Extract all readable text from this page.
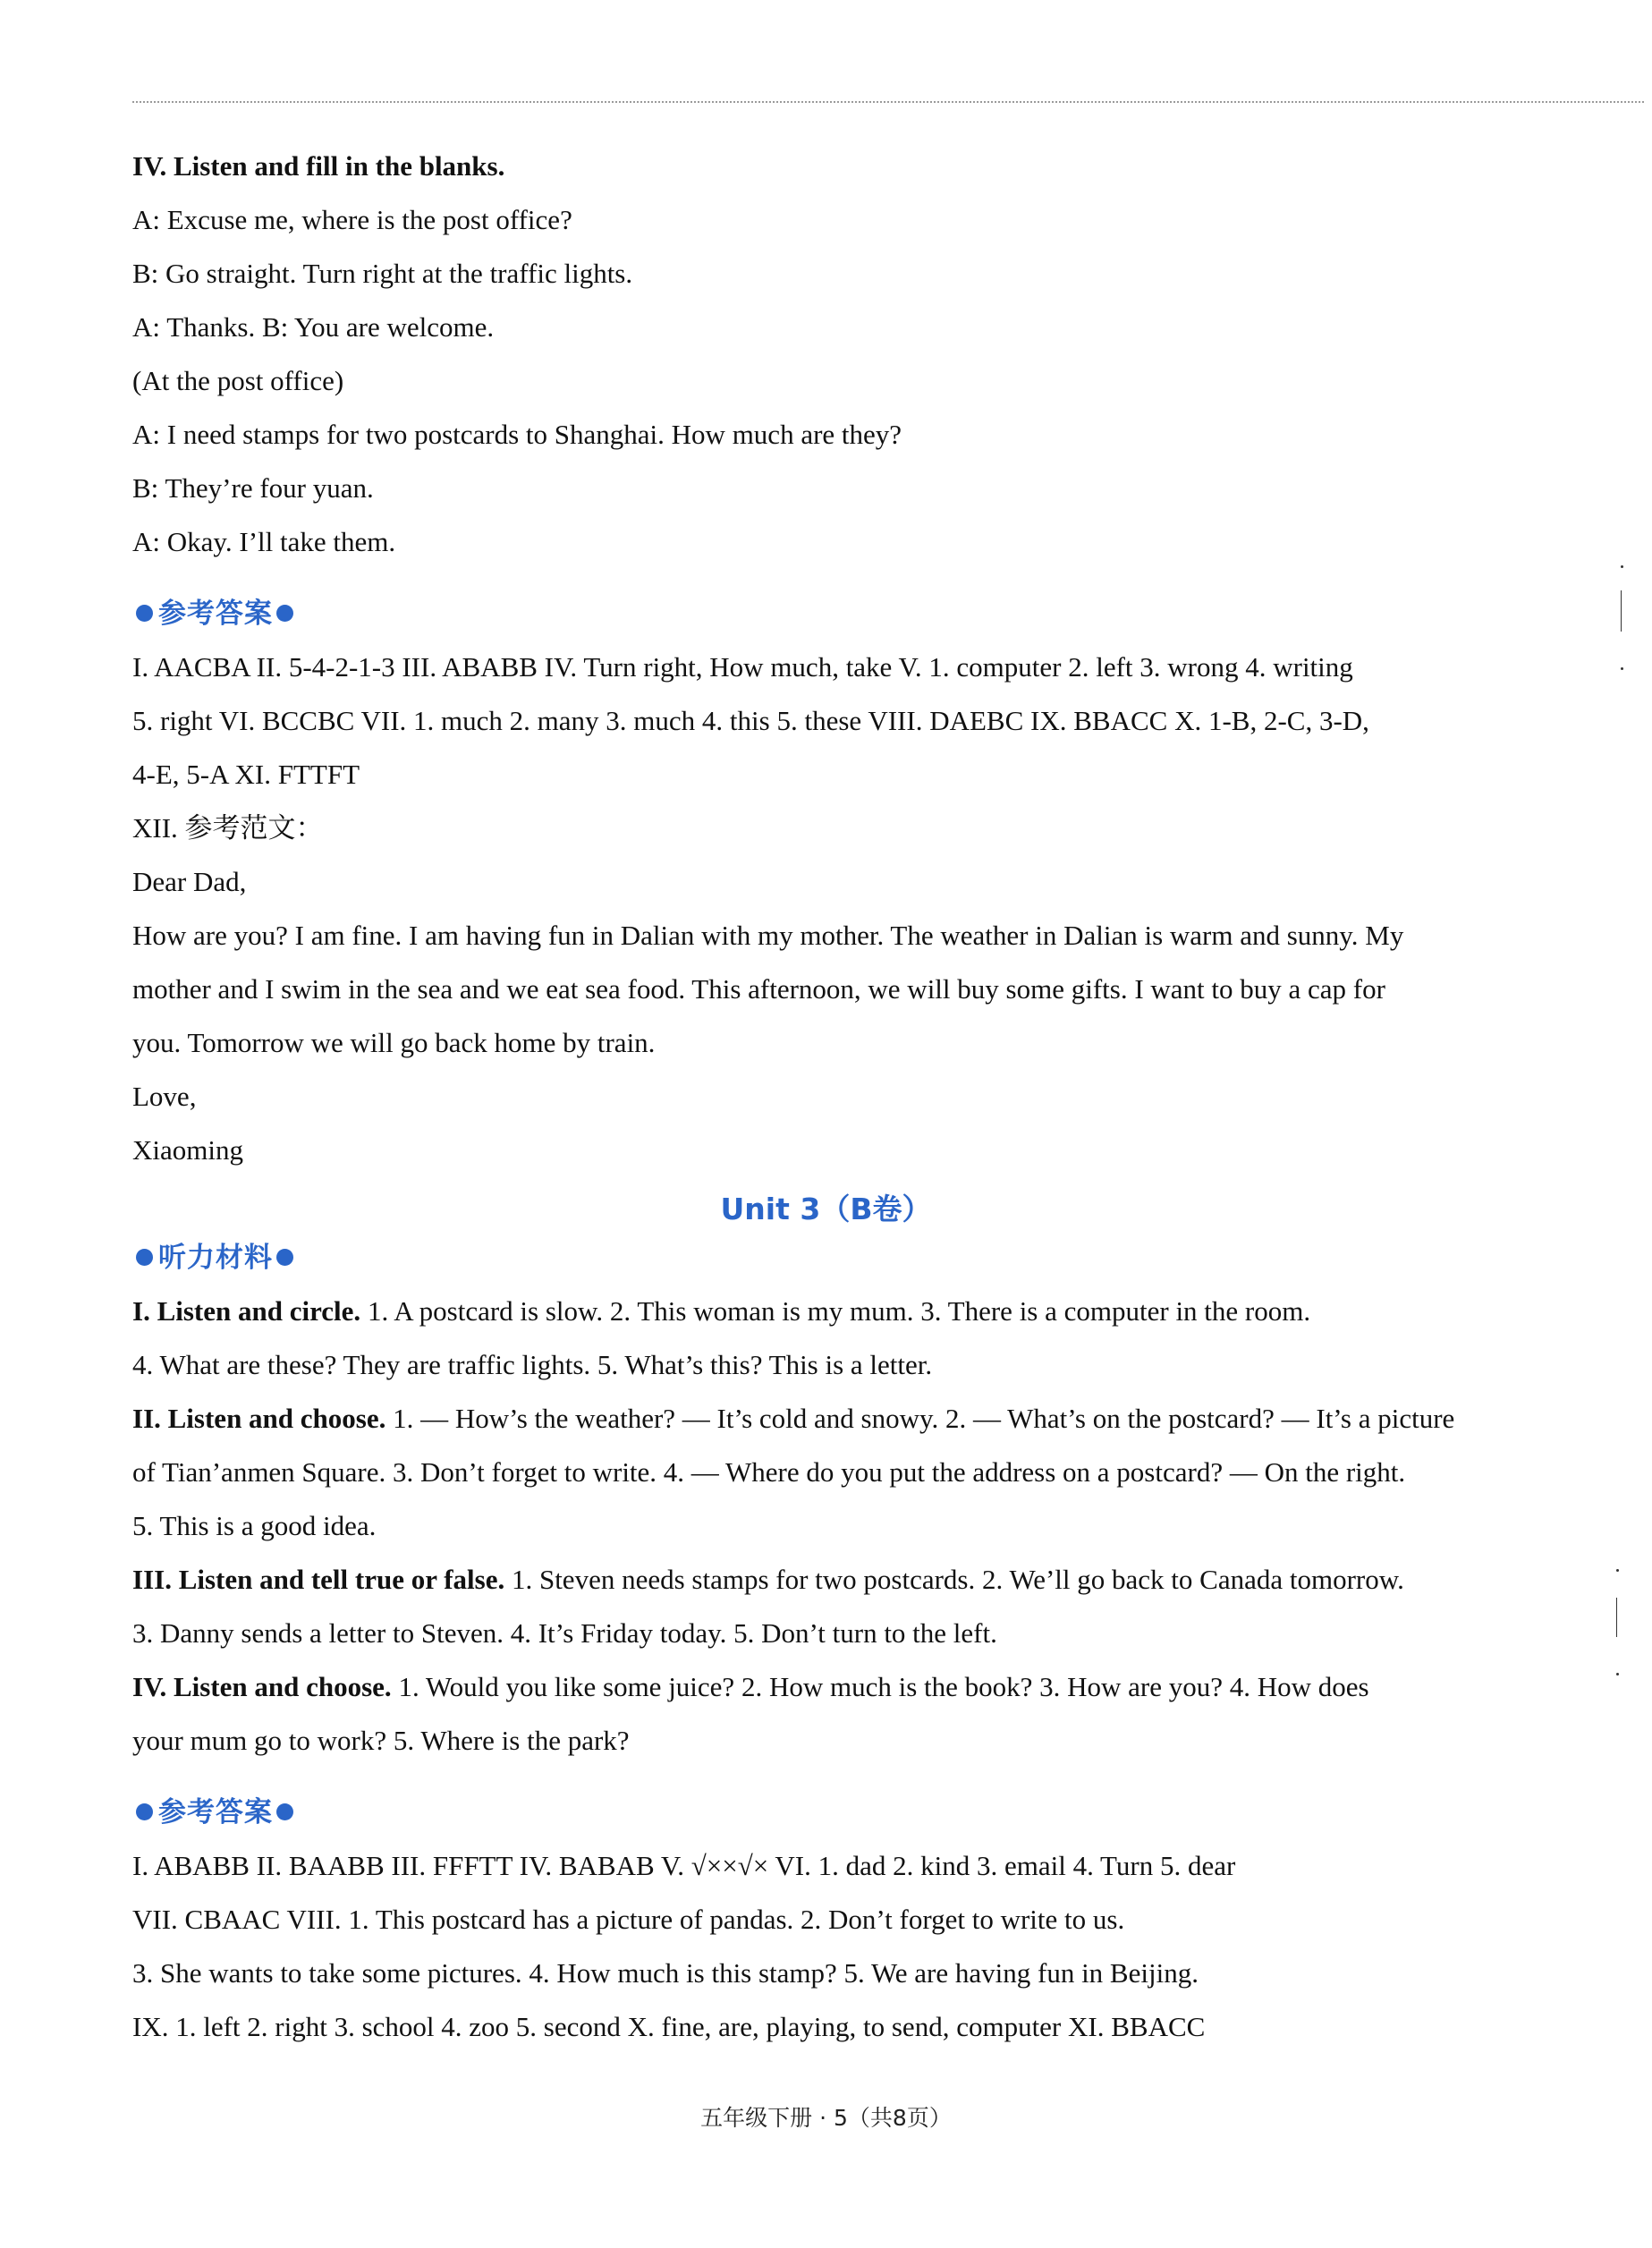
IV. Listen and fill in the blanks.
A: Excuse me, where is the post office?
B: Go straight. Turn right at the traffic lights.
A: Thanks. B: You are welcome.
(At the post office)
A: I need stamps for two postcards to Shanghai. How much are they?
B: They’re four yuan.
A: Okay. I’ll take them.
参考答案
I. AACBA II. 5-4-2-1-3 III. ABABB IV. Turn right, How much, take V. 1. computer 2. left 3. wrong 4. writing
5. right VI. BCCBC VII. 1. much 2. many 3. much 4. this 5. these VIII. DAEBC IX. BBACC X. 1-B, 2-C, 3-D,
4-E, 5-A XI. FTTFT
XII. 参考范文：
Dear Dad,
How are you? I am fine. I am having fun in Dalian with my mother. The weather in Dalian is warm and sunny. My
mother and I swim in the sea and we eat sea food. This afternoon, we will buy some gifts. I want to buy a cap for
you. Tomorrow we will go back home by train.
Love,
Xiaoming
Unit 3（B卷）
听力材料
I. Listen and circle. 1. A postcard is slow. 2. This woman is my mum. 3. There is a computer in the room.
4. What are these? They are traffic lights. 5. What’s this? This is a letter.
II. Listen and choose. 1. — How’s the weather? — It’s cold and snowy. 2. — What’s on the postcard? — It’s a picture
of Tian’anmen Square. 3. Don’t forget to write. 4. — Where do you put the address on a postcard? — On the right.
5. This is a good idea.
III. Listen and tell true or false. 1. Steven needs stamps for two postcards. 2. We’ll go back to Canada tomorrow.
3. Danny sends a letter to Steven. 4. It’s Friday today. 5. Don’t turn to the left.
IV. Listen and choose. 1. Would you like some juice? 2. How much is the book? 3. How are you? 4. How does
your mum go to work? 5. Where is the park?
参考答案
I. ABABB II. BAABB III. FFFTT IV. BABAB V. √××√× VI. 1. dad 2. kind 3. email 4. Turn 5. dear
VII. CBAAC VIII. 1. This postcard has a picture of pandas. 2. Don’t forget to write to us.
3. She wants to take some pictures. 4. How much is this stamp? 5. We are having fun in Beijing.
IX. 1. left 2. right 3. school 4. zoo 5. second X. fine, are, playing, to send, computer XI. BBACC
五年级下册 · 5（共8页）
